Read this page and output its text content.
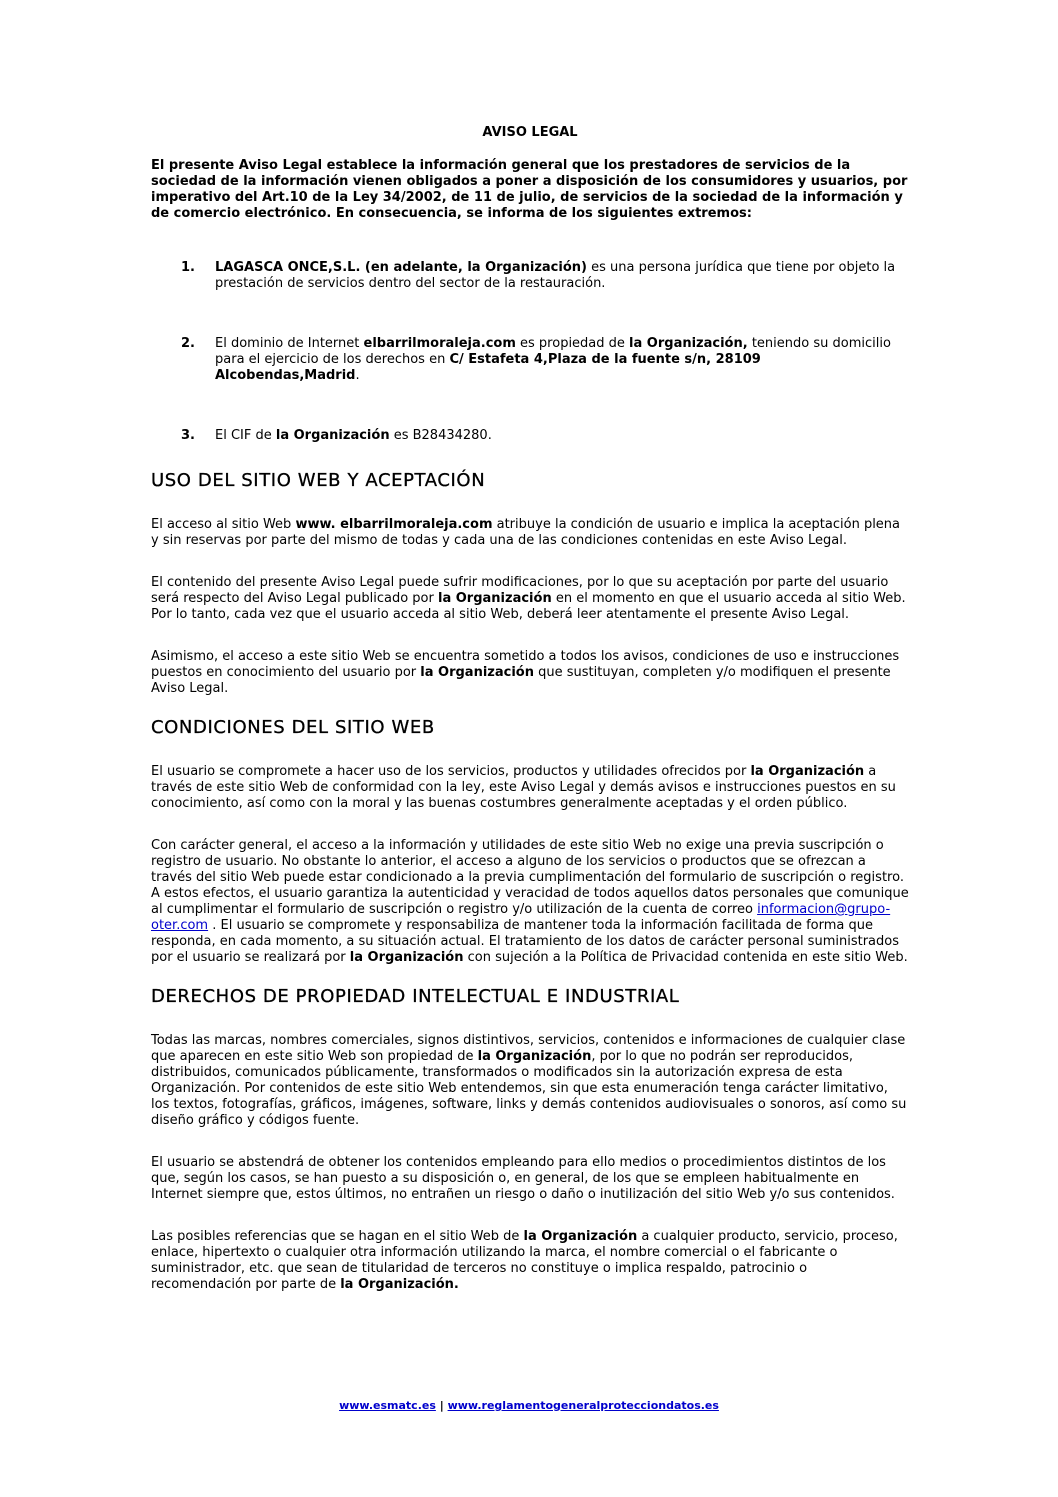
AVISO LEGAL
El presente Aviso Legal establece la información general que los prestadores de servicios de la sociedad de la información vienen obligados a poner a disposición de los consumidores y usuarios, por imperativo del Art.10 de la Ley 34/2002, de 11 de julio, de servicios de la sociedad de la información y de comercio electrónico. En consecuencia, se informa de los siguientes extremos:
1.	LAGASCA ONCE,S.L. (en adelante, la Organización) es una persona jurídica que tiene por objeto la prestación de servicios dentro del sector de la restauración.
2.	El dominio de Internet elbarrilmoraleja.com es propiedad de la Organización, teniendo su domicilio para el ejercicio de los derechos en C/ Estafeta 4,Plaza de la fuente s/n, 28109 Alcobendas,Madrid.
3.	El CIF de la Organización es B28434280.
USO DEL SITIO WEB Y ACEPTACIÓN

El acceso al sitio Web www. elbarrilmoraleja.com atribuye la condición de usuario e implica la aceptación plena y sin reservas por parte del mismo de todas y cada una de las condiciones contenidas en este Aviso Legal.

El contenido del presente Aviso Legal puede sufrir modificaciones, por lo que su aceptación por parte del usuario será respecto del Aviso Legal publicado por la Organización en el momento en que el usuario acceda al sitio Web. Por lo tanto, cada vez que el usuario acceda al sitio Web, deberá leer atentamente el presente Aviso Legal.

Asimismo, el acceso a este sitio Web se encuentra sometido a todos los avisos, condiciones de uso e instrucciones puestos en conocimiento del usuario por la Organización que sustituyan, completen y/o modifiquen el presente Aviso Legal.

CONDICIONES DEL SITIO WEB

El usuario se compromete a hacer uso de los servicios, productos y utilidades ofrecidos por la Organización a través de este sitio Web de conformidad con la ley, este Aviso Legal y demás avisos e instrucciones puestos en su conocimiento, así como con la moral y las buenas costumbres generalmente aceptadas y el orden público.

Con carácter general, el acceso a la información y utilidades de este sitio Web no exige una previa suscripción o registro de usuario. No obstante lo anterior, el acceso a alguno de los servicios o productos que se ofrezcan a través del sitio Web puede estar condicionado a la previa cumplimentación del formulario de suscripción o registro. A estos efectos, el usuario garantiza la autenticidad y veracidad de todos aquellos datos personales que comunique al cumplimentar el formulario de suscripción o registro y/o utilización de la cuenta de correo informacion@grupo-oter.com . El usuario se compromete y responsabiliza de mantener toda la información facilitada de forma que responda, en cada momento, a su situación actual. El tratamiento de los datos de carácter personal suministrados por el usuario se realizará por la Organización con sujeción a la Política de Privacidad contenida en este sitio Web.

DERECHOS DE PROPIEDAD INTELECTUAL E INDUSTRIAL

Todas las marcas, nombres comerciales, signos distintivos, servicios, contenidos e informaciones de cualquier clase que aparecen en este sitio Web son propiedad de la Organización, por lo que no podrán ser reproducidos, distribuidos, comunicados públicamente, transformados o modificados sin la autorización expresa de esta Organización. Por contenidos de este sitio Web entendemos, sin que esta enumeración tenga carácter limitativo, los textos, fotografías, gráficos, imágenes, software, links y demás contenidos audiovisuales o sonoros, así como su diseño gráfico y códigos fuente.

El usuario se abstendrá de obtener los contenidos empleando para ello medios o procedimientos distintos de los que, según los casos, se han puesto a su disposición o, en general, de los que se empleen habitualmente en Internet siempre que, estos últimos, no entrañen un riesgo o daño o inutilización del sitio Web y/o sus contenidos.

Las posibles referencias que se hagan en el sitio Web de la Organización a cualquier producto, servicio, proceso, enlace, hipertexto o cualquier otra información utilizando la marca, el nombre comercial o el fabricante o suministrador, etc. que sean de titularidad de terceros no constituye o implica respaldo, patrocinio o recomendación por parte de la Organización.

www.esmatc.es | www.reglamentogeneralprotecciondatos.es
